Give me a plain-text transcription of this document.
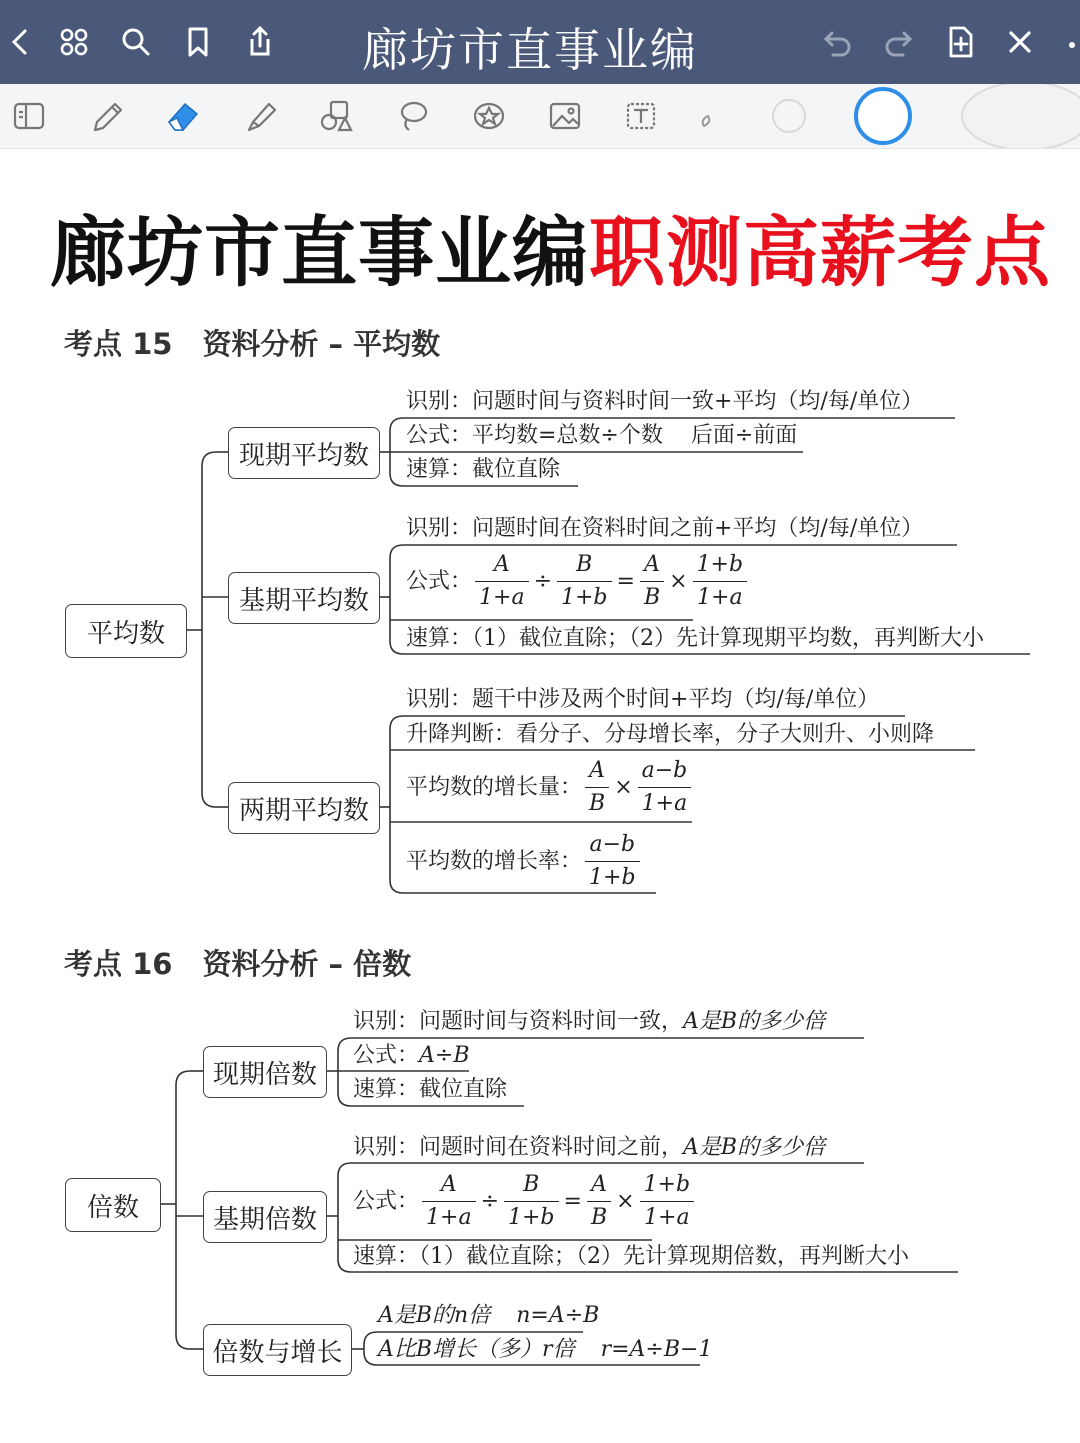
廊坊市直事业编
廊坊市直事业编职测高薪考点
考点 15 资料分析 – 平均数
平均数
现期平均数
基期平均数
两期平均数
识别：问题时间与资料时间一致+平均（均/每/单位）
公式：平均数=总数÷个数    后面÷前面
速算：截位直除
识别：问题时间在资料时间之前+平均（均/每/单位）
公式： $\frac{A}{1+a} \div \frac{B}{1+b} = \frac{A}{B} \times \frac{1+b}{1+a}$
速算：（1）截位直除；（2）先计算现期平均数，再判断大小
识别：题干中涉及两个时间+平均（均/每/单位）
升降判断：看分子、分母增长率，分子大则升、小则降
平均数的增长量： $\frac{A}{B} \times \frac{a-b}{1+a}$
平均数的增长率： $\frac{a-b}{1+b}$
考点 16 资料分析 – 倍数
倍数
现期倍数
基期倍数
倍数与增长
识别：问题时间与资料时间一致，A是B的多少倍
公式：A÷B
速算：截位直除
识别：问题时间在资料时间之前，A是B的多少倍
公式： $\frac{A}{1+a} \div \frac{B}{1+b} = \frac{A}{B} \times \frac{1+b}{1+a}$
速算：（1）截位直除；（2）先计算现期倍数，再判断大小
A是B的n倍 n=A÷B
A比B增长（多）r倍 r=A÷B−1
